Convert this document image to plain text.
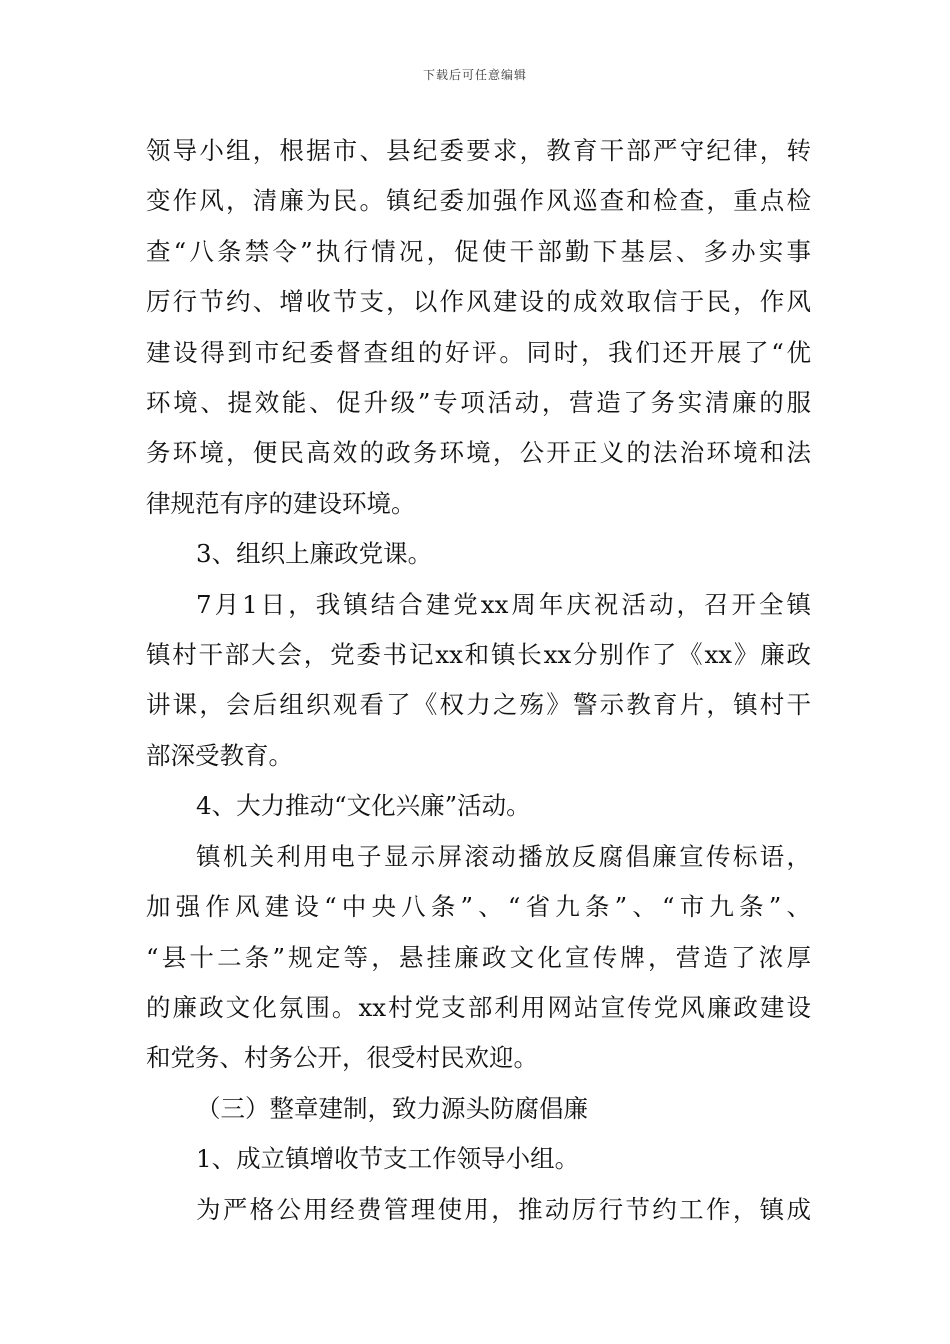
下载后可任意编辑

领导小组，根据市、县纪委要求，教育干部严守纪律，转
变作风，清廉为民。镇纪委加强作风巡查和检查，重点检
查“八条禁令”执行情况，促使干部勤下基层、多办实事
厉行节约、增收节支，以作风建设的成效取信于民，作风
建设得到市纪委督查组的好评。同时，我们还开展了“优
环境、提效能、促升级”专项活动，营造了务实清廉的服
务环境，便民高效的政务环境，公开正义的法治环境和法
律规范有序的建设环境。

3、组织上廉政党课。

7月1日，我镇结合建党xx周年庆祝活动，召开全镇
镇村干部大会，党委书记xx和镇长xx分别作了《xx》廉政
讲课，会后组织观看了《权力之殇》警示教育片，镇村干
部深受教育。

4、大力推动“文化兴廉”活动。

镇机关利用电子显示屏滚动播放反腐倡廉宣传标语，
加强作风建设“中央八条”、“省九条”、“市九条”、
“县十二条”规定等，悬挂廉政文化宣传牌，营造了浓厚
的廉政文化氛围。xx村党支部利用网站宣传党风廉政建设
和党务、村务公开，很受村民欢迎。

（三）整章建制，致力源头防腐倡廉

1、成立镇增收节支工作领导小组。

为严格公用经费管理使用，推动厉行节约工作，镇成
